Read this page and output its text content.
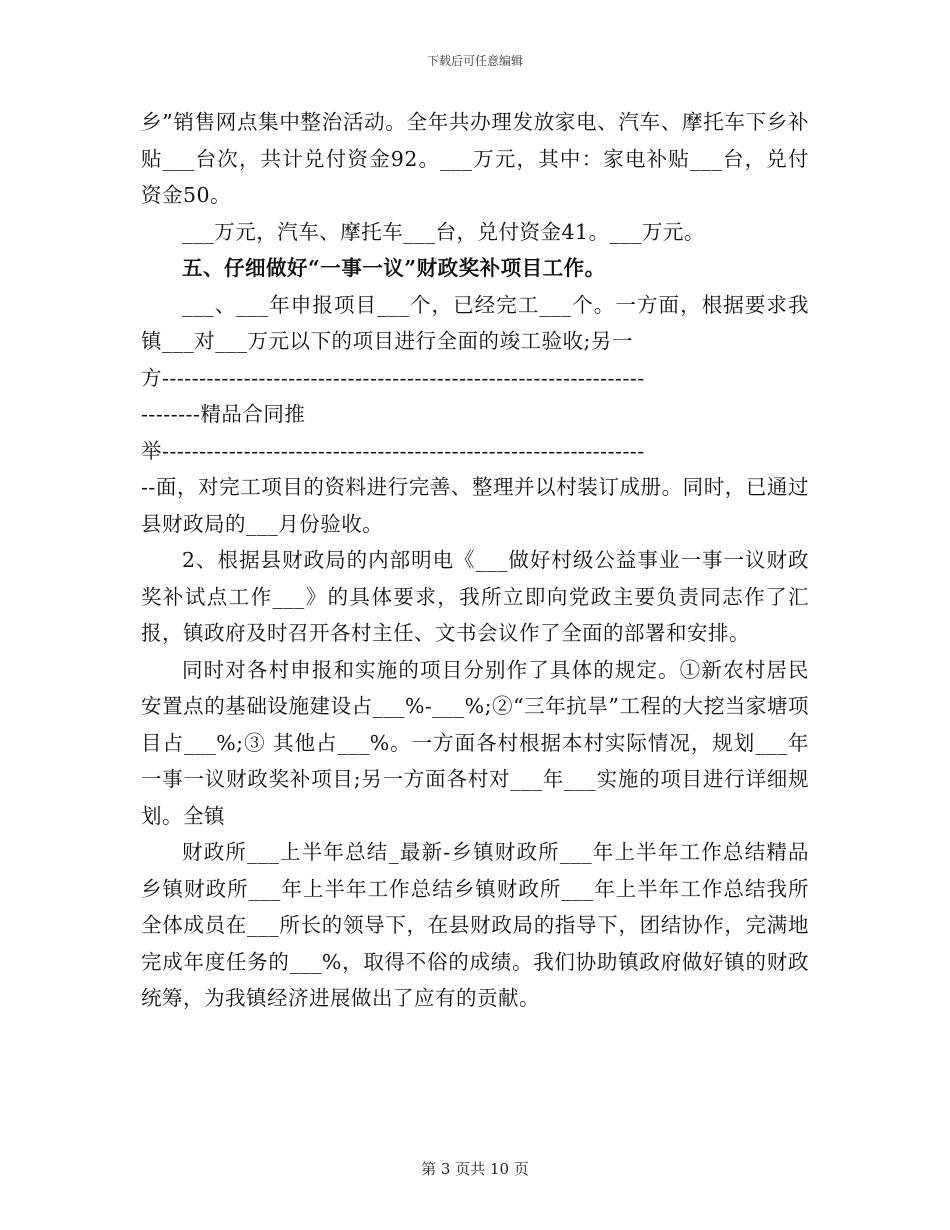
下载后可任意编辑

乡”销售网点集中整治活动。全年共办理发放家电、汽车、摩托车下乡补贴___台次，共计兑付资金92。___万元，其中：家电补贴___台，兑付资金50。

___万元，汽车、摩托车___台，兑付资金41。___万元。

五、仔细做好“一事一议”财政奖补项目工作。

___、___年申报项目___个，已经完工___个。一方面，根据要求我镇___对___万元以下的项目进行全面的竣工验收;另一

方-----------------------------------------------------------------

--------精品合同推

举-----------------------------------------------------------------

--面，对完工项目的资料进行完善、整理并以村装订成册。同时，已通过县财政局的___月份验收。

2、根据县财政局的内部明电《___做好村级公益事业一事一议财政奖补试点工作___》的具体要求，我所立即向党政主要负责同志作了汇报，镇政府及时召开各村主任、文书会议作了全面的部署和安排。

同时对各村申报和实施的项目分别作了具体的规定。①新农村居民安置点的基础设施建设占___%-___%;②“三年抗旱”工程的大挖当家塘项目占___%;③ 其他占___%。一方面各村根据本村实际情况，规划___年一事一议财政奖补项目;另一方面各村对___年___实施的项目进行详细规划。全镇

财政所___上半年总结_最新-乡镇财政所___年上半年工作总结精品乡镇财政所___年上半年工作总结乡镇财政所___年上半年工作总结我所全体成员在___所长的领导下，在县财政局的指导下，团结协作，完满地完成年度任务的___%，取得不俗的成绩。我们协助镇政府做好镇的财政统筹，为我镇经济进展做出了应有的贡献。

第 3 页共 10 页
